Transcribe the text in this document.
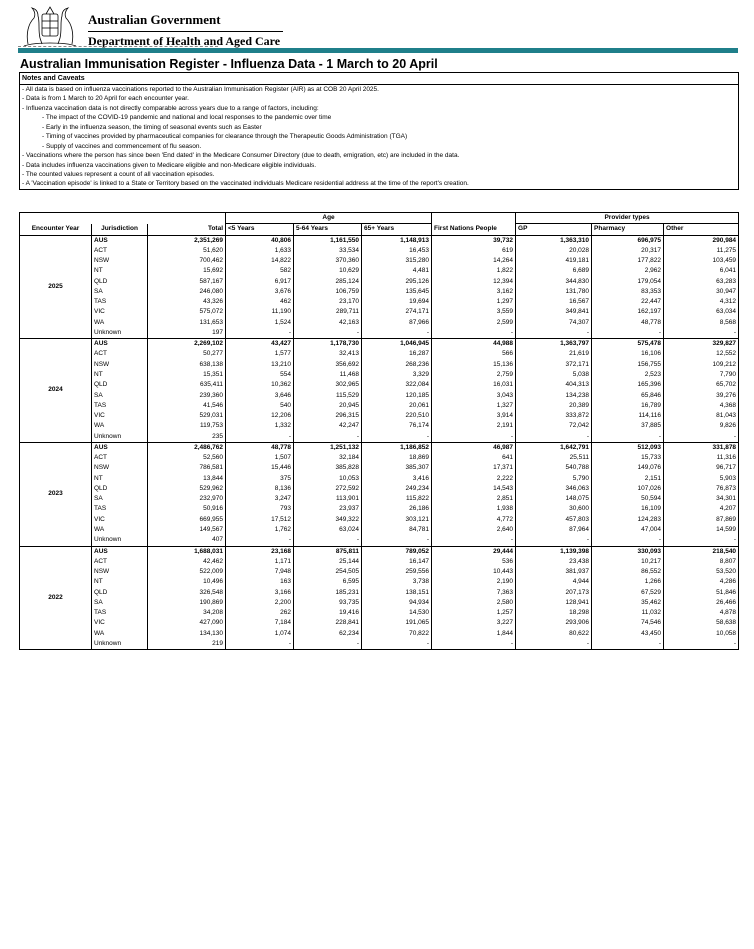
Australian Government
Department of Health and Aged Care
Australian Immunisation Register - Influenza Data - 1 March to 20 April
Notes and Caveats
- All data is based on influenza vaccinations reported to the Australian Immunisation Register (AIR) as at COB 20 April 2025.
- Data is from 1 March to 20 April for each encounter year.
- Influenza vaccination data is not directly comparable across years due to a range of factors, including:
- The impact of the COVID-19 pandemic and national and local responses to the pandemic over time
- Early in the influenza season, the timing of seasonal events such as Easter
- Timing of vaccines provided by pharmaceutical companies for clearance through the Therapeutic Goods Administration (TGA)
- Supply of vaccines and commencement of flu season.
- Vaccinations where the person has since been 'End dated' in the Medicare Consumer Directory (due to death, emigration, etc) are included in the data.
- Data includes influenza vaccinations given to Medicare eligible and non-Medicare eligible individuals.
- The counted values represent a count of all vaccination episodes.
- A 'Vaccination episode' is linked to a State or Territory based on the vaccinated individuals Medicare residential address at the time of the report's creation.
			Age				Provider types		
Encounter Year	Jurisdiction	Total	<5 Years	5-64 Years	65+ Years	First Nations People	GP	Pharmacy	Other
2025	AUS	2,351,269	40,806	1,161,550	1,148,913	39,732	1,363,310	696,975	290,984
	ACT	51,620	1,633	33,534	16,453	619	20,028	20,317	11,275
	NSW	700,462	14,822	370,360	315,280	14,264	419,181	177,822	103,459
	NT	15,692	582	10,629	4,481	1,822	6,689	2,962	6,041
	QLD	587,167	6,917	285,124	295,126	12,394	344,830	179,054	63,283
	SA	246,080	3,676	106,759	135,645	3,162	131,780	83,353	30,947
	TAS	43,326	462	23,170	19,694	1,297	16,567	22,447	4,312
	VIC	575,072	11,190	289,711	274,171	3,559	349,841	162,197	63,034
	WA	131,653	1,524	42,163	87,966	2,599	74,307	48,778	8,568
	Unknown	197	-	-	-	-	-	-	-
2024	AUS	2,269,102	43,427	1,178,730	1,046,945	44,988	1,363,797	575,478	329,827
	ACT	50,277	1,577	32,413	16,287	566	21,619	16,106	12,552
	NSW	638,138	13,210	356,692	268,236	15,136	372,171	156,755	109,212
	NT	15,351	554	11,468	3,329	2,759	5,038	2,523	7,790
	QLD	635,411	10,362	302,965	322,084	16,031	404,313	165,396	65,702
	SA	239,360	3,646	115,529	120,185	3,043	134,238	65,846	39,276
	TAS	41,546	540	20,945	20,061	1,327	20,389	16,789	4,368
	VIC	529,031	12,206	296,315	220,510	3,914	333,872	114,116	81,043
	WA	119,753	1,332	42,247	76,174	2,191	72,042	37,885	9,826
	Unknown	235	-	-	-	-	-	-	-
2023	AUS	2,486,762	48,778	1,251,132	1,186,852	46,987	1,642,791	512,093	331,878
	ACT	52,560	1,507	32,184	18,869	641	25,511	15,733	11,316
	NSW	786,581	15,446	385,828	385,307	17,371	540,788	149,076	96,717
	NT	13,844	375	10,053	3,416	2,222	5,790	2,151	5,903
	QLD	529,962	8,136	272,592	249,234	14,543	346,063	107,026	76,873
	SA	232,970	3,247	113,901	115,822	2,851	148,075	50,594	34,301
	TAS	50,916	793	23,937	26,186	1,938	30,600	16,109	4,207
	VIC	669,955	17,512	349,322	303,121	4,772	457,803	124,283	87,869
	WA	149,567	1,762	63,024	84,781	2,640	87,964	47,004	14,599
	Unknown	407	-	-	-	-	-	-	-
2022	AUS	1,688,031	23,168	875,811	789,052	29,444	1,139,398	330,093	218,540
	ACT	42,462	1,171	25,144	16,147	536	23,438	10,217	8,807
	NSW	522,009	7,948	254,505	259,556	10,443	381,937	86,552	53,520
	NT	10,496	163	6,595	3,738	2,190	4,944	1,266	4,286
	QLD	326,548	3,166	185,231	138,151	7,363	207,173	67,529	51,846
	SA	190,869	2,200	93,735	94,934	2,580	128,941	35,462	26,466
	TAS	34,208	262	19,416	14,530	1,257	18,298	11,032	4,878
	VIC	427,090	7,184	228,841	191,065	3,227	293,906	74,546	58,638
	WA	134,130	1,074	62,234	70,822	1,844	80,622	43,450	10,058
	Unknown	219	-	-	-	-	-	-	-
